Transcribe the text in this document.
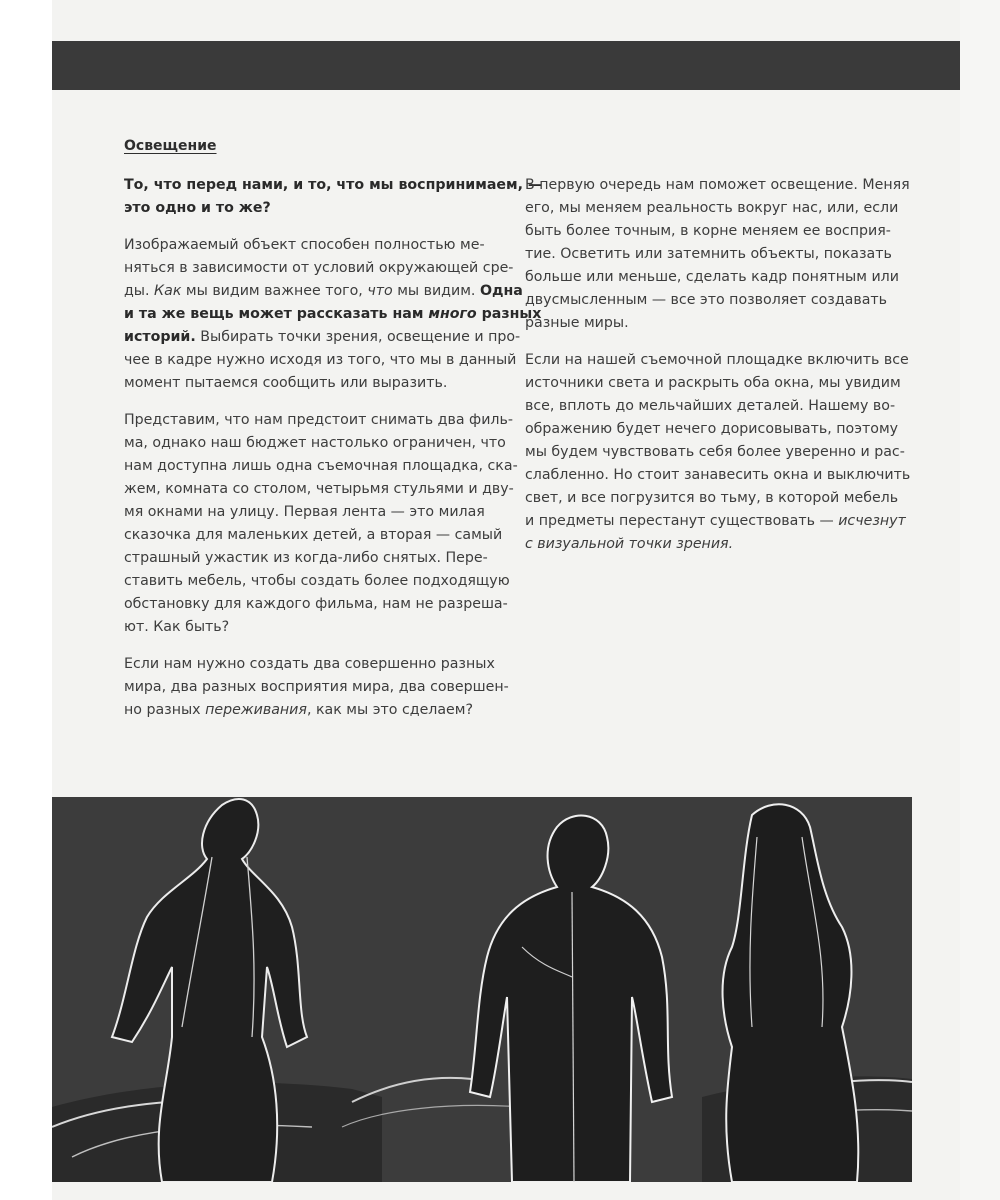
Освещение

То, что перед нами, и то, что мы воспринимаем, —
это одно и то же?

Изображаемый объект способен полностью ме-
няться в зависимости от условий окружающей сре-
ды. Как мы видим важнее того, что мы видим. Одна
и та же вещь может рассказать нам много разных
историй. Выбирать точки зрения, освещение и про-
чее в кадре нужно исходя из того, что мы в данный
момент пытаемся сообщить или выразить.

Представим, что нам предстоит снимать два филь-
ма, однако наш бюджет настолько ограничен, что
нам доступна лишь одна съемочная площадка, ска-
жем, комната со столом, четырьмя стульями и дву-
мя окнами на улицу. Первая лента — это милая
сказочка для маленьких детей, а вторая — самый
страшный ужастик из когда-либо снятых. Пере-
ставить мебель, чтобы создать более подходящую
обстановку для каждого фильма, нам не разреша-
ют. Как быть?

Если нам нужно создать два совершенно разных
мира, два разных восприятия мира, два совершен-
но разных переживания, как мы это сделаем?

В первую очередь нам поможет освещение. Меняя
его, мы меняем реальность вокруг нас, или, если
быть более точным, в корне меняем ее восприя-
тие. Осветить или затемнить объекты, показать
больше или меньше, сделать кадр понятным или
двусмысленным — все это позволяет создавать
разные миры.

Если на нашей съемочной площадке включить все
источники света и раскрыть оба окна, мы увидим
все, вплоть до мельчайших деталей. Нашему во-
ображению будет нечего дорисовывать, поэтому
мы будем чувствовать себя более уверенно и рас-
слабленно. Но стоит занавесить окна и выключить
свет, и все погрузится во тьму, в которой мебель
и предметы перестанут существовать — исчезнут
с визуальной точки зрения.
